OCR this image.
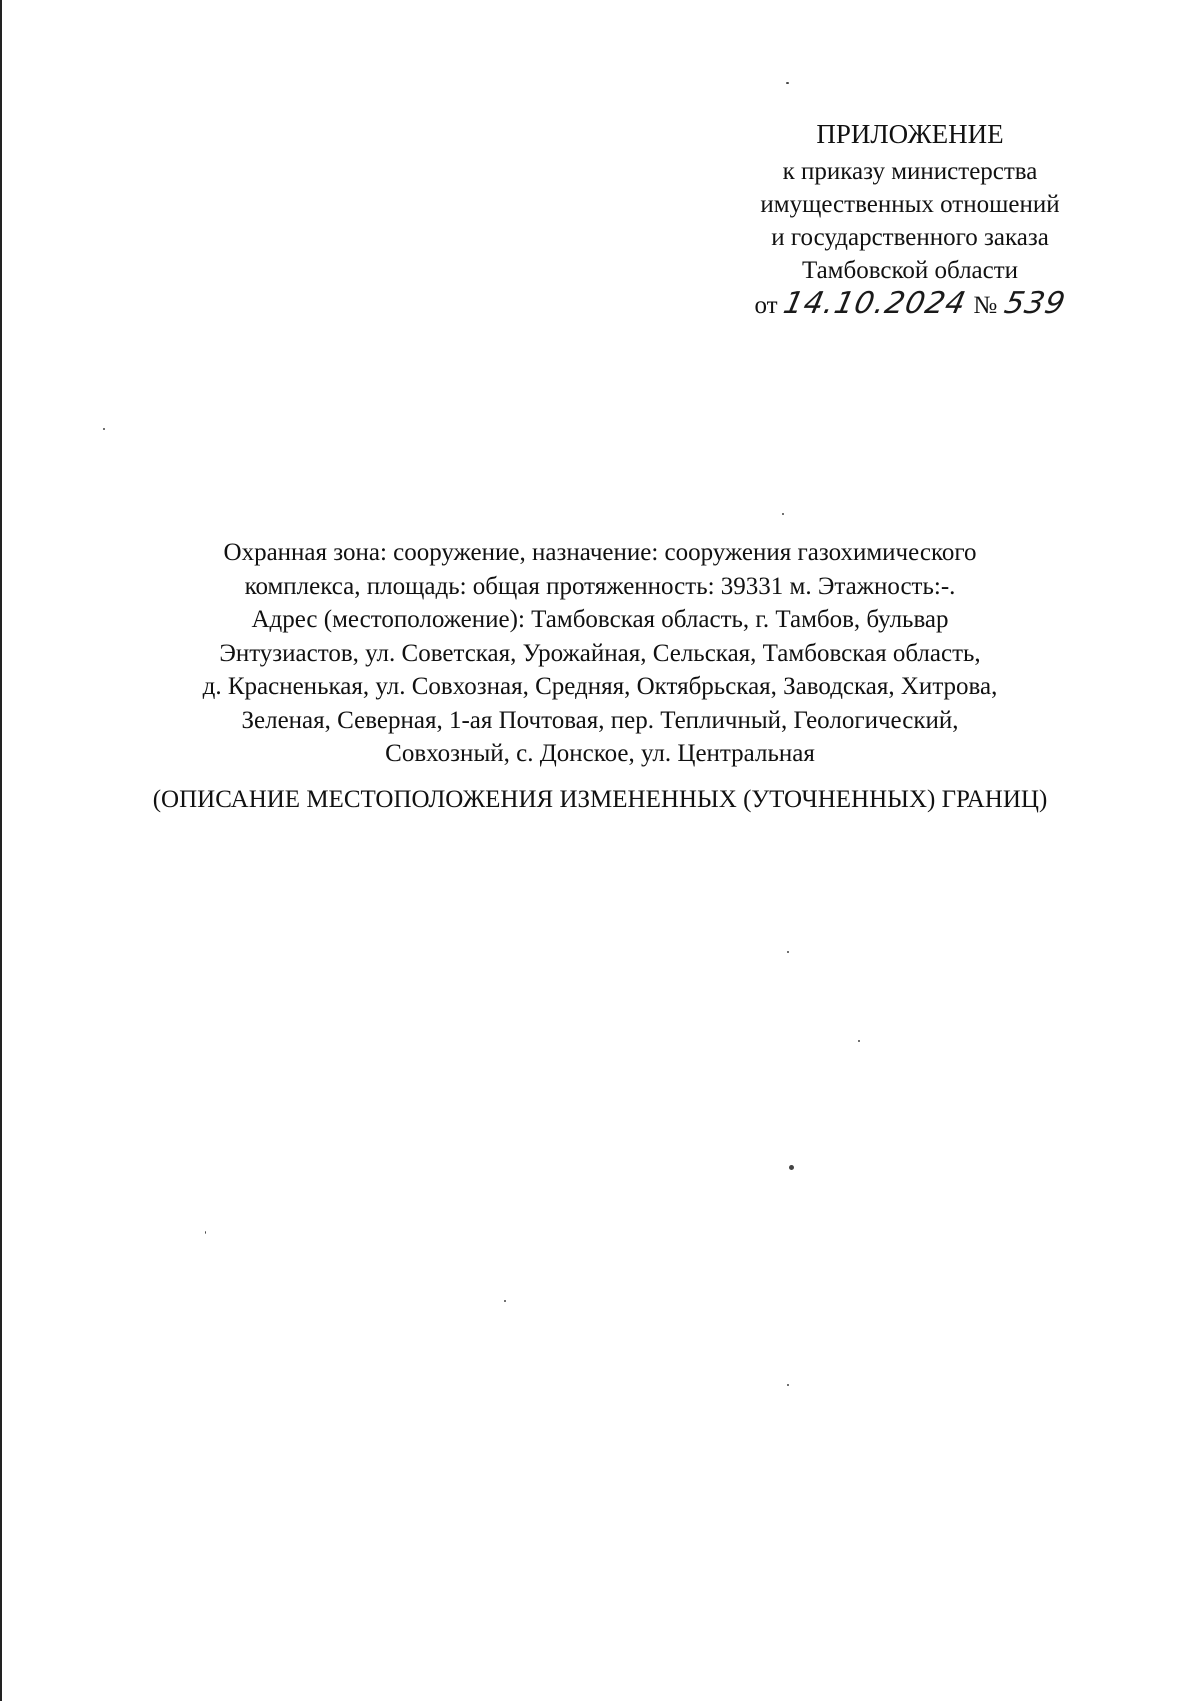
ПРИЛОЖЕНИЕ
к приказу министерства
имущественных отношений
и государственного заказа
Тамбовской области
от14.10.2024 № 539
Охранная зона: сооружение, назначение: сооружения газохимического
комплекса, площадь: общая протяженность: 39331 м. Этажность:-.
Адрес (местоположение): Тамбовская область, г. Тамбов, бульвар
Энтузиастов, ул. Советская, Урожайная, Сельская, Тамбовская область,
д. Красненькая, ул. Совхозная, Средняя, Октябрьская, Заводская, Хитрова,
Зеленая, Северная, 1-ая Почтовая, пер. Тепличный, Геологический,
Совхозный, с. Донское, ул. Центральная
(ОПИСАНИЕ МЕСТОПОЛОЖЕНИЯ ИЗМЕНЕННЫХ (УТОЧНЕННЫХ) ГРАНИЦ)
